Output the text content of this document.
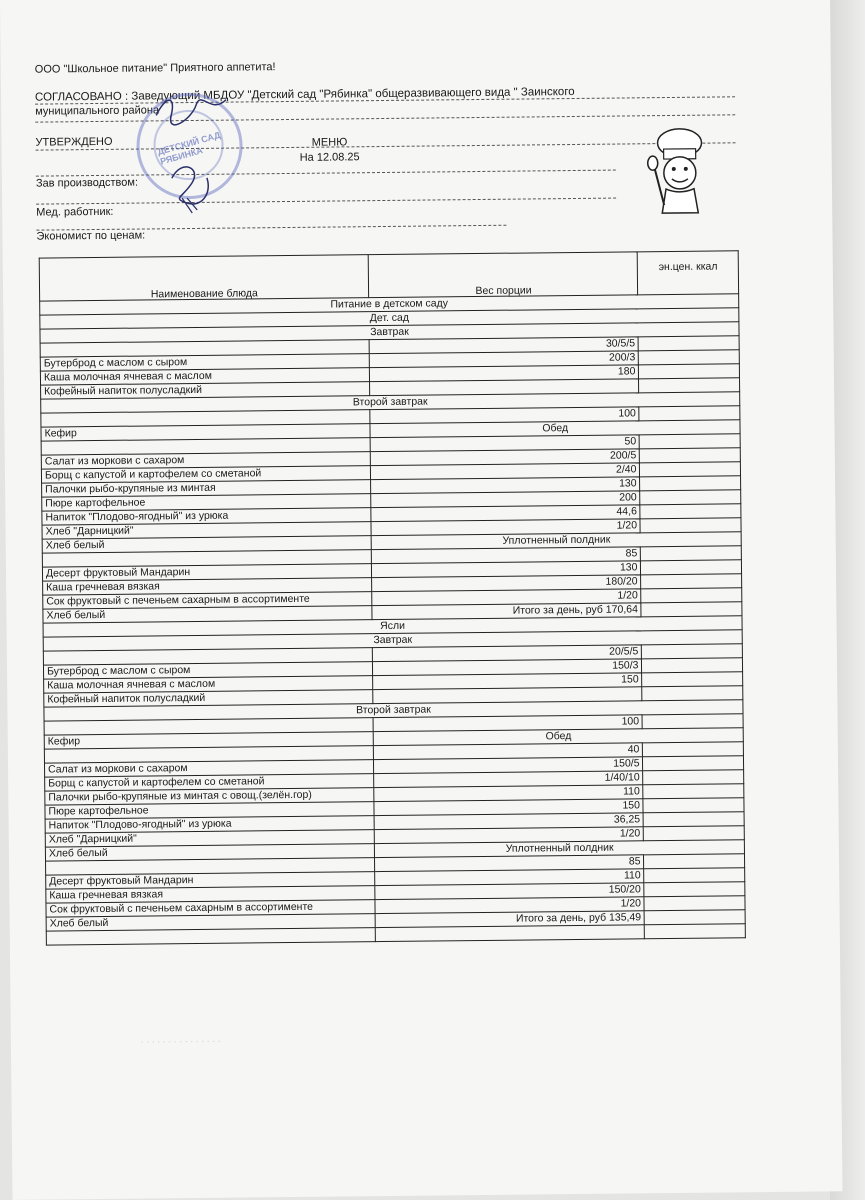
ООО "Школьное питание" Приятного аппетита!
СОГЛАСОВАНО : Заведующий МБДОУ "Детский сад "Рябинка" общеразвивающего вида " Заинского
муниципального района
УТВЕРЖДЕНО	МЕНЮ
На 12.08.25
Зав производством:
Мед. работник:
Экономист по ценам:
ДЕТСКИЙ САД РЯБИНКА
Наименование блюда	Вес порции	эн.цен. ккал
Питание в детском саду		
Дет. сад		
Завтрак		
	30/5/5	
Бутерброд с маслом с сыром	200/3	
Каша молочная ячневая с маслом	180	
Кофейный напиток полусладкий		
Второй завтрак		
	100	
Кефир	Обед	
	50	
Салат из моркови с сахаром	200/5	
Борщ с капустой и картофелем со сметаной	2/40	
Палочки рыбо-крупяные из минтая	130	
Пюре картофельное	200	
Напиток "Плодово-ягодный" из урюка	44,6	
Хлеб "Дарницкий"	1/20	
Хлеб белый	Уплотненный полдник	
	85	
Десерт фруктовый Мандарин	130	
Каша гречневая вязкая	180/20	
Сок фруктовый с печеньем сахарным в ассортименте	1/20	
Хлеб белый	Итого за день, руб 170,64	
Ясли		
Завтрак		
	20/5/5	
Бутерброд с маслом с сыром	150/3	
Каша молочная ячневая с маслом	150	
Кофейный напиток полусладкий		
Второй завтрак		
	100	
Кефир	Обед	
	40	
Салат из моркови с сахаром	150/5	
Борщ с капустой и картофелем со сметаной	1/40/10	
Палочки рыбо-крупяные из минтая с овощ.(зелён.гор)	110	
Пюре картофельное	150	
Напиток "Плодово-ягодный" из урюка	36,25	
Хлеб "Дарницкий"	1/20	
Хлеб белый	Уплотненный полдник	
	85	
Десерт фруктовый Мандарин	110	
Каша гречневая вязкая	150/20	
Сок фруктовый с печеньем сахарным в ассортименте	1/20	
Хлеб белый	Итого за день, руб 135,49	

. . . . . . . . . . . . . . .
